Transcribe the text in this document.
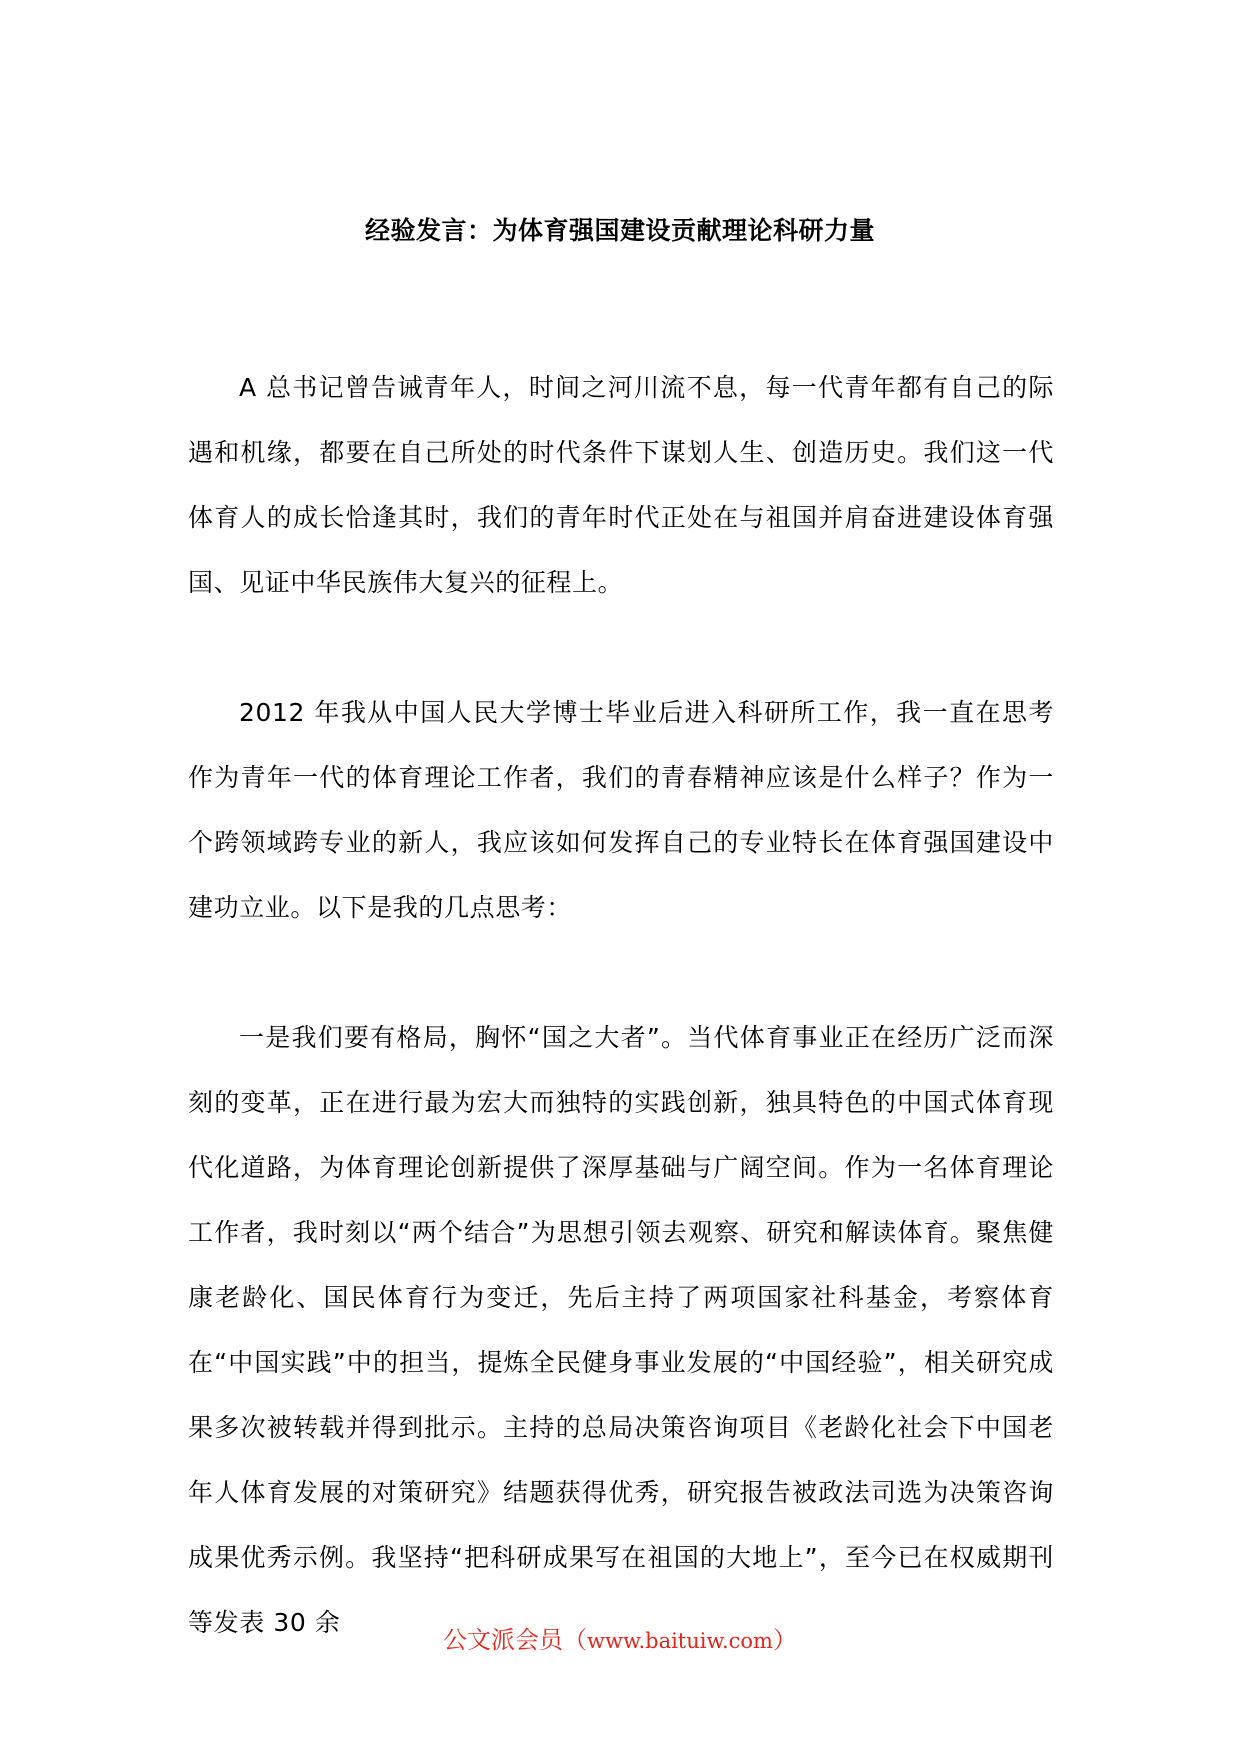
经验发言：为体育强国建设贡献理论科研力量

A 总书记曾告诫青年人，时间之河川流不息，每一代青年都有自己的际遇和机缘，都要在自己所处的时代条件下谋划人生、创造历史。我们这一代体育人的成长恰逢其时，我们的青年时代正处在与祖国并肩奋进建设体育强国、见证中华民族伟大复兴的征程上。

2012 年我从中国人民大学博士毕业后进入科研所工作，我一直在思考作为青年一代的体育理论工作者，我们的青春精神应该是什么样子？作为一个跨领域跨专业的新人，我应该如何发挥自己的专业特长在体育强国建设中建功立业。以下是我的几点思考：

一是我们要有格局，胸怀“国之大者”。当代体育事业正在经历广泛而深刻的变革，正在进行最为宏大而独特的实践创新，独具特色的中国式体育现代化道路，为体育理论创新提供了深厚基础与广阔空间。作为一名体育理论工作者，我时刻以“两个结合”为思想引领去观察、研究和解读体育。聚焦健康老龄化、国民体育行为变迁，先后主持了两项国家社科基金，考察体育在“中国实践”中的担当，提炼全民健身事业发展的“中国经验”，相关研究成果多次被转载并得到批示。主持的总局决策咨询项目《老龄化社会下中国老年人体育发展的对策研究》结题获得优秀，研究报告被政法司选为决策咨询成果优秀示例。我坚持“把科研成果写在祖国的大地上”，至今已在权威期刊等发表 30 余

公文派会员（www.baituiw.com）
